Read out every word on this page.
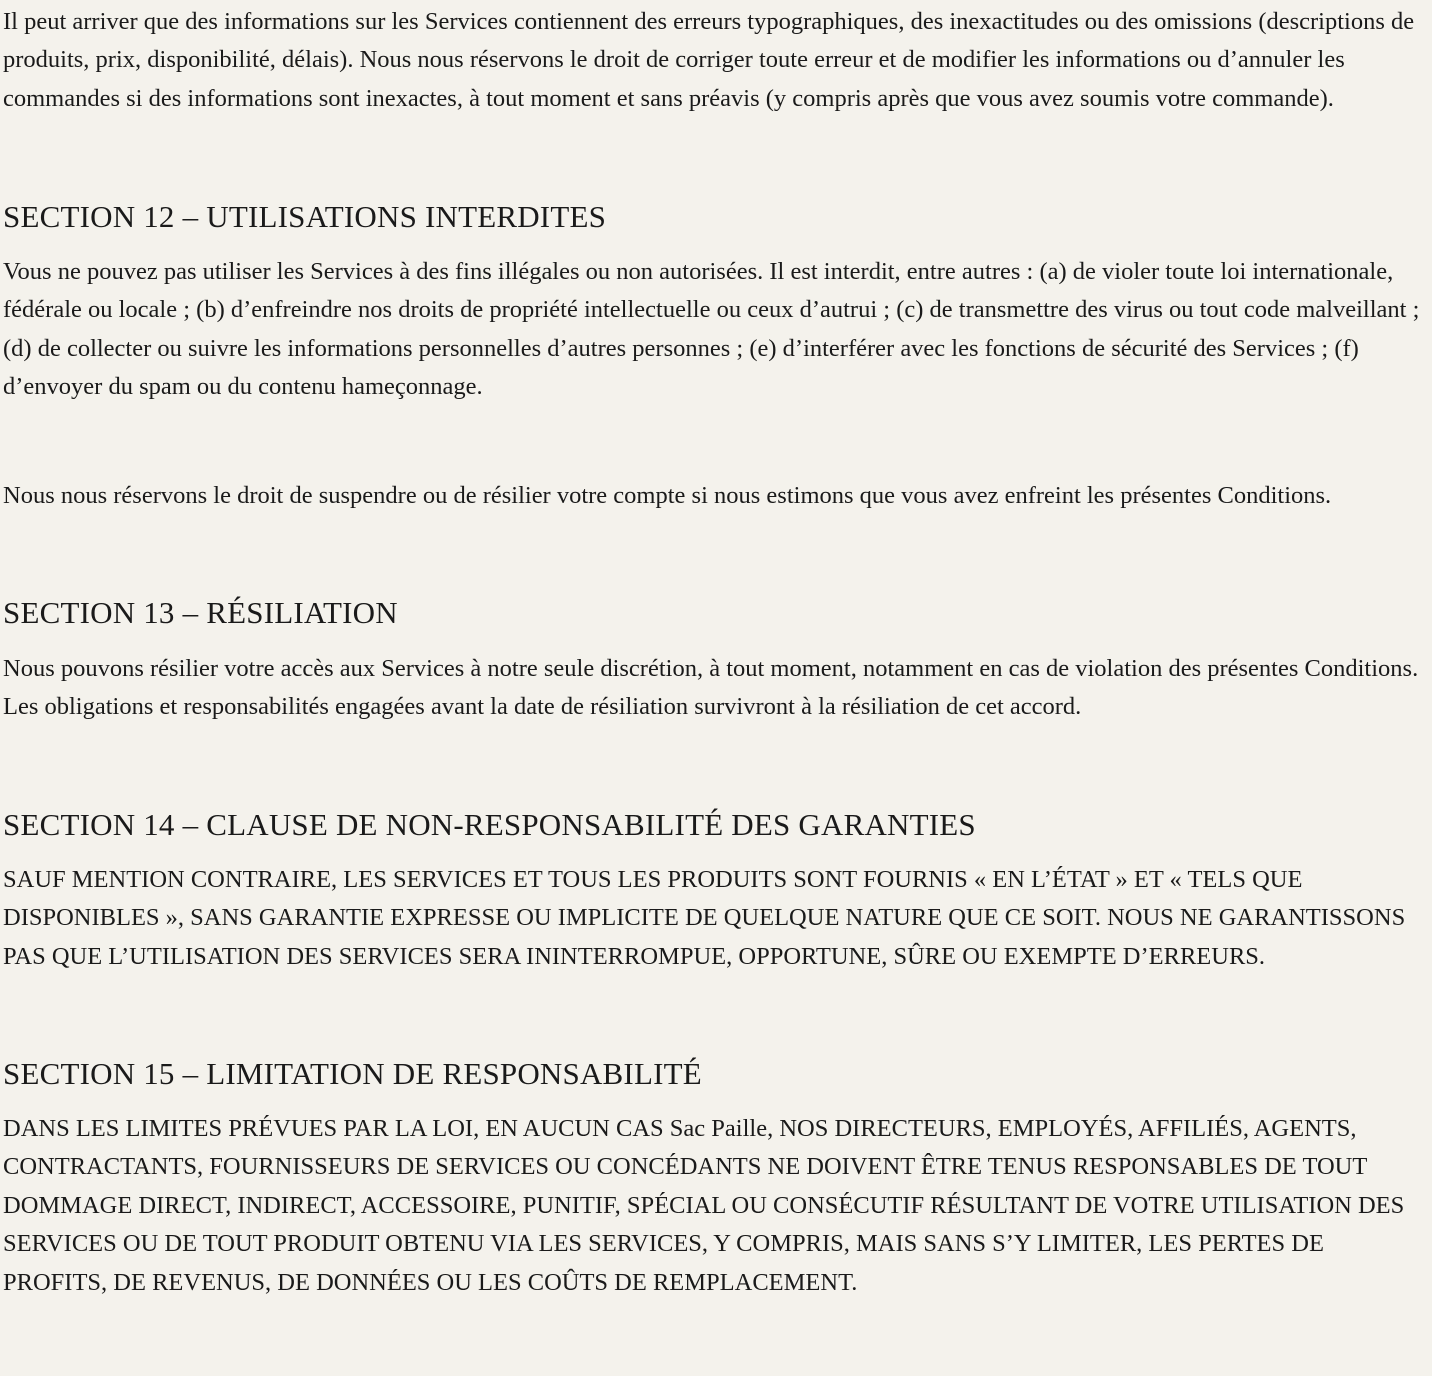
Il peut arriver que des informations sur les Services contiennent des erreurs typographiques, des inexactitudes ou des omissions (descriptions de produits, prix, disponibilité, délais). Nous nous réservons le droit de corriger toute erreur et de modifier les informations ou d’annuler les commandes si des informations sont inexactes, à tout moment et sans préavis (y compris après que vous avez soumis votre commande).

SECTION 12 – UTILISATIONS INTERDITES

Vous ne pouvez pas utiliser les Services à des fins illégales ou non autorisées. Il est interdit, entre autres : (a) de violer toute loi internationale, fédérale ou locale ; (b) d’enfreindre nos droits de propriété intellectuelle ou ceux d’autrui ; (c) de transmettre des virus ou tout code malveillant ; (d) de collecter ou suivre les informations personnelles d’autres personnes ; (e) d’interférer avec les fonctions de sécurité des Services ; (f) d’envoyer du spam ou du contenu hameçonnage.

Nous nous réservons le droit de suspendre ou de résilier votre compte si nous estimons que vous avez enfreint les présentes Conditions.

SECTION 13 – RÉSILIATION

Nous pouvons résilier votre accès aux Services à notre seule discrétion, à tout moment, notamment en cas de violation des présentes Conditions. Les obligations et responsabilités engagées avant la date de résiliation survivront à la résiliation de cet accord.

SECTION 14 – CLAUSE DE NON-RESPONSABILITÉ DES GARANTIES

SAUF MENTION CONTRAIRE, LES SERVICES ET TOUS LES PRODUITS SONT FOURNIS « EN L’ÉTAT » ET « TELS QUE DISPONIBLES », SANS GARANTIE EXPRESSE OU IMPLICITE DE QUELQUE NATURE QUE CE SOIT. NOUS NE GARANTISSONS PAS QUE L’UTILISATION DES SERVICES SERA ININTERROMPUE, OPPORTUNE, SÛRE OU EXEMPTE D’ERREURS.

SECTION 15 – LIMITATION DE RESPONSABILITÉ

DANS LES LIMITES PRÉVUES PAR LA LOI, EN AUCUN CAS Sac Paille, NOS DIRECTEURS, EMPLOYÉS, AFFILIÉS, AGENTS, CONTRACTANTS, FOURNISSEURS DE SERVICES OU CONCÉDANTS NE DOIVENT ÊTRE TENUS RESPONSABLES DE TOUT DOMMAGE DIRECT, INDIRECT, ACCESSOIRE, PUNITIF, SPÉCIAL OU CONSÉCUTIF RÉSULTANT DE VOTRE UTILISATION DES SERVICES OU DE TOUT PRODUIT OBTENU VIA LES SERVICES, Y COMPRIS, MAIS SANS S’Y LIMITER, LES PERTES DE PROFITS, DE REVENUS, DE DONNÉES OU LES COÛTS DE REMPLACEMENT.
